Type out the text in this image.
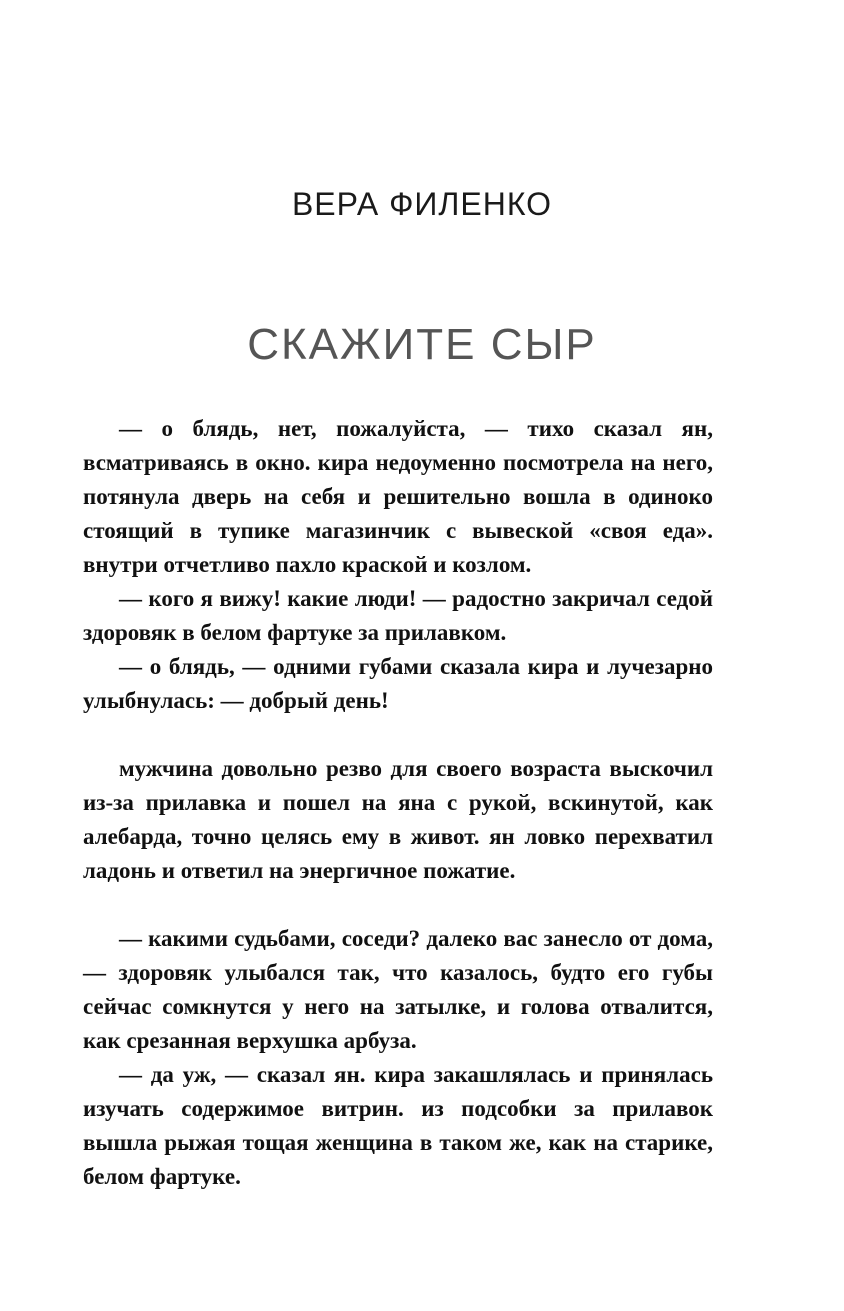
ВЕРА ФИЛЕНКО
СКАЖИТЕ СЫР

— о блядь, нет, пожалуйста, — тихо сказал ян, всматриваясь в окно. кира недоуменно посмотрела на него, потянула дверь на себя и решительно вошла в одиноко стоящий в тупике магазинчик с вывеской «своя еда». внутри отчетливо пахло краской и козлом.

— кого я вижу! какие люди! — радостно закричал седой здоровяк в белом фартуке за прилавком.

— о блядь, — одними губами сказала кира и лучезарно улыбнулась: — добрый день!

мужчина довольно резво для своего возраста выскочил из-за прилавка и пошел на яна с рукой, вскинутой, как алебарда, точно целясь ему в живот. ян ловко перехватил ладонь и ответил на энергичное пожатие.

— какими судьбами, соседи? далеко вас занесло от дома, — здоровяк улыбался так, что казалось, будто его губы сейчас сомкнутся у него на затылке, и голова отвалится, как срезанная верхушка арбуза.

— да уж, — сказал ян. кира закашлялась и принялась изучать содержимое витрин. из подсобки за прилавок вышла рыжая тощая женщина в таком же, как на старике, белом фартуке.
